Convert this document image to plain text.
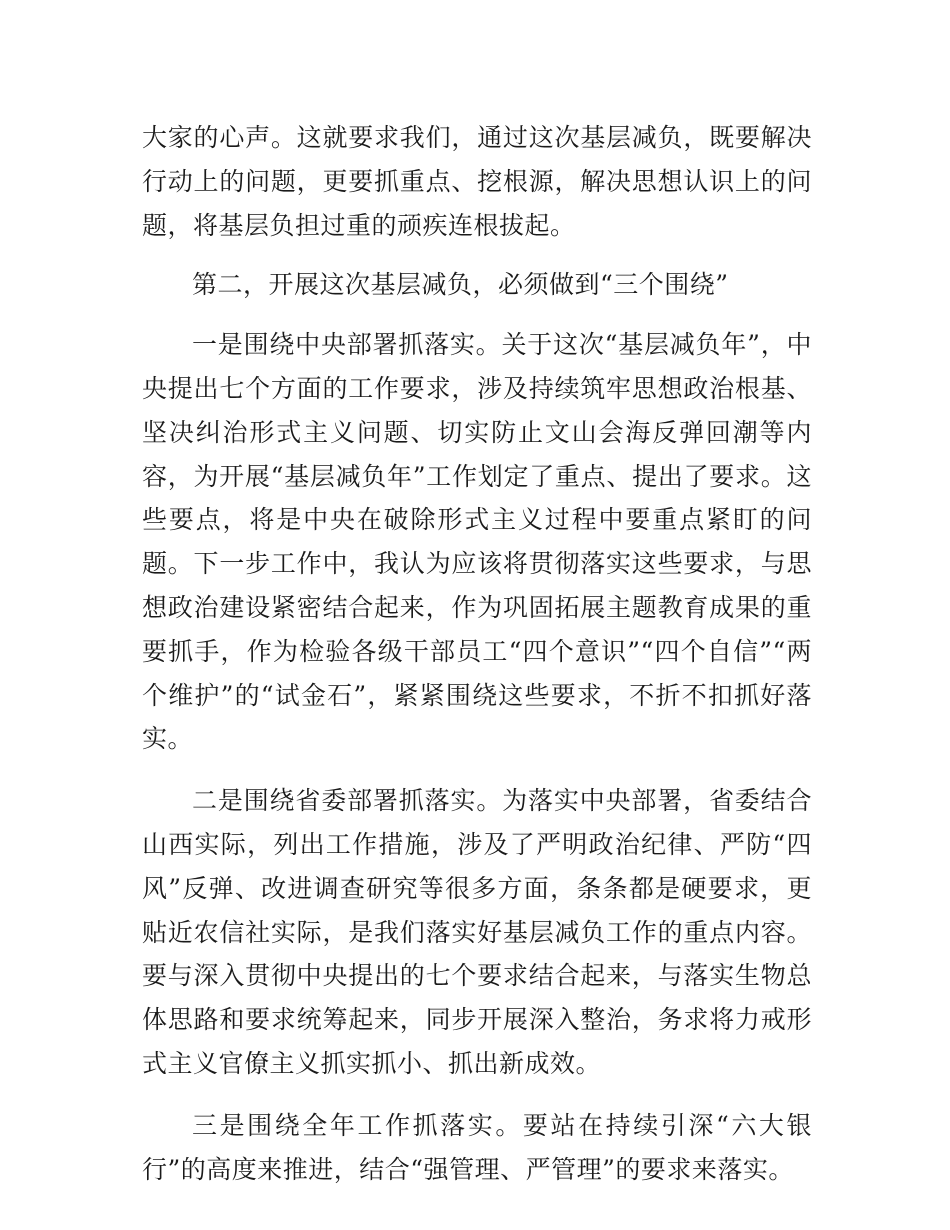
大家的心声。这就要求我们，通过这次基层减负，既要解决行动上的问题，更要抓重点、挖根源，解决思想认识上的问题，将基层负担过重的顽疾连根拔起。

第二，开展这次基层减负，必须做到“三个围绕”

一是围绕中央部署抓落实。关于这次“基层减负年”，中央提出七个方面的工作要求，涉及持续筑牢思想政治根基、坚决纠治形式主义问题、切实防止文山会海反弹回潮等内容，为开展“基层减负年”工作划定了重点、提出了要求。这些要点，将是中央在破除形式主义过程中要重点紧盯的问题。下一步工作中，我认为应该将贯彻落实这些要求，与思想政治建设紧密结合起来，作为巩固拓展主题教育成果的重要抓手，作为检验各级干部员工“四个意识”“四个自信”“两个维护”的“试金石”，紧紧围绕这些要求，不折不扣抓好落实。

二是围绕省委部署抓落实。为落实中央部署，省委结合山西实际，列出工作措施，涉及了严明政治纪律、严防“四风”反弹、改进调查研究等很多方面，条条都是硬要求，更贴近农信社实际，是我们落实好基层减负工作的重点内容。要与深入贯彻中央提出的七个要求结合起来，与落实生物总体思路和要求统筹起来，同步开展深入整治，务求将力戒形式主义官僚主义抓实抓小、抓出新成效。

三是围绕全年工作抓落实。要站在持续引深“六大银行”的高度来推进，结合“强管理、严管理”的要求来落实。
